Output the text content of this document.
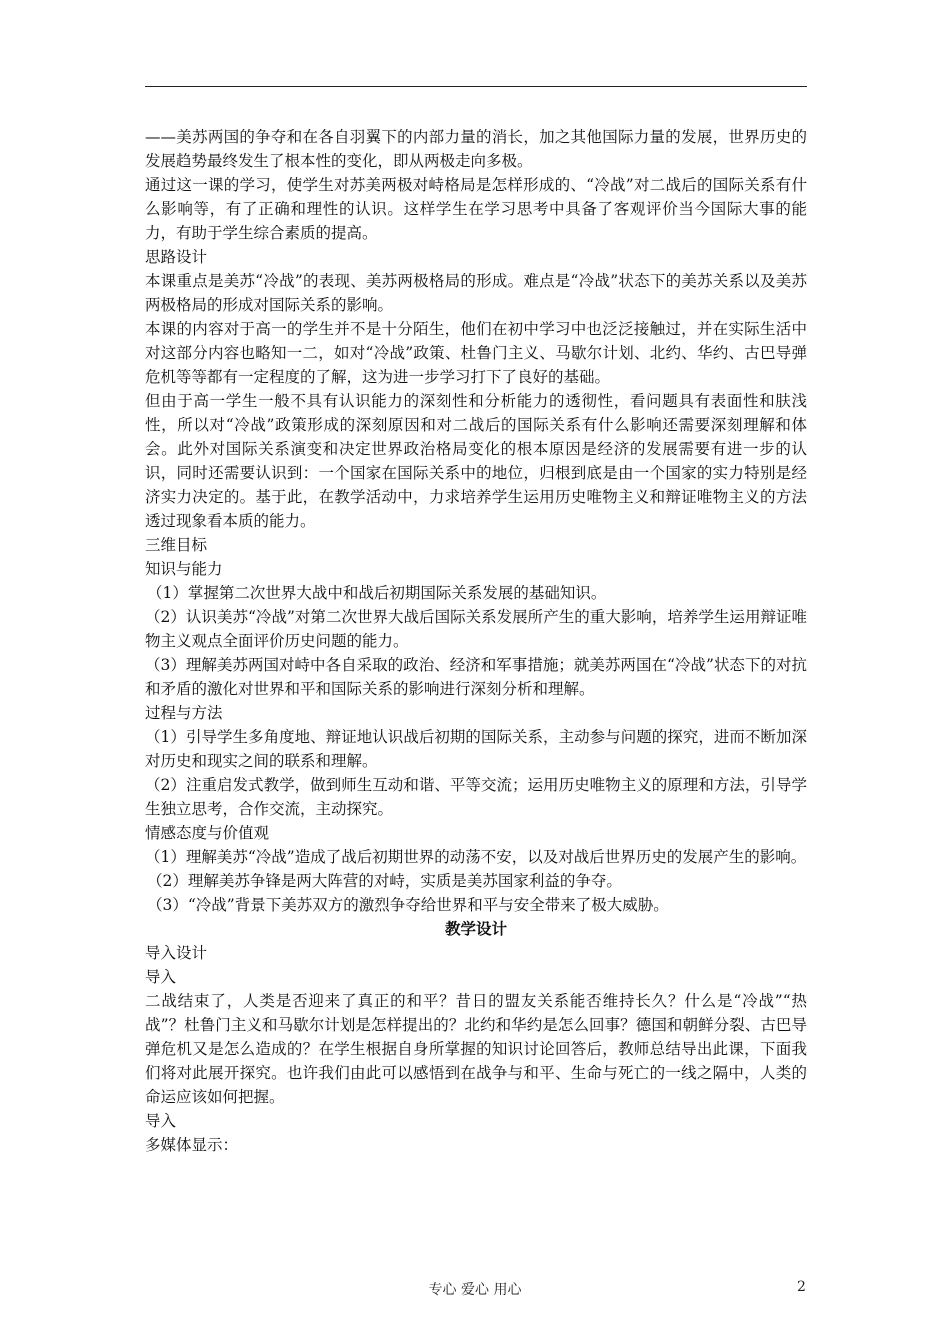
——美苏两国的争夺和在各自羽翼下的内部力量的消长，加之其他国际力量的发展，世界历史的发展趋势最终发生了根本性的变化，即从两极走向多极。

通过这一课的学习，使学生对苏美两极对峙格局是怎样形成的、“冷战”对二战后的国际关系有什么影响等，有了正确和理性的认识。这样学生在学习思考中具备了客观评价当今国际大事的能力，有助于学生综合素质的提高。

思路设计

本课重点是美苏“冷战”的表现、美苏两极格局的形成。难点是“冷战”状态下的美苏关系以及美苏两极格局的形成对国际关系的影响。

本课的内容对于高一的学生并不是十分陌生，他们在初中学习中也泛泛接触过，并在实际生活中对这部分内容也略知一二，如对“冷战”政策、杜鲁门主义、马歇尔计划、北约、华约、古巴导弹危机等等都有一定程度的了解，这为进一步学习打下了良好的基础。

但由于高一学生一般不具有认识能力的深刻性和分析能力的透彻性，看问题具有表面性和肤浅性，所以对“冷战”政策形成的深刻原因和对二战后的国际关系有什么影响还需要深刻理解和体会。此外对国际关系演变和决定世界政治格局变化的根本原因是经济的发展需要有进一步的认识，同时还需要认识到：一个国家在国际关系中的地位，归根到底是由一个国家的实力特别是经济实力决定的。基于此，在教学活动中，力求培养学生运用历史唯物主义和辩证唯物主义的方法透过现象看本质的能力。

三维目标

知识与能力

（1）掌握第二次世界大战中和战后初期国际关系发展的基础知识。

（2）认识美苏“冷战”对第二次世界大战后国际关系发展所产生的重大影响，培养学生运用辩证唯物主义观点全面评价历史问题的能力。

（3）理解美苏两国对峙中各自采取的政治、经济和军事措施；就美苏两国在“冷战”状态下的对抗和矛盾的激化对世界和平和国际关系的影响进行深刻分析和理解。

过程与方法

（1）引导学生多角度地、辩证地认识战后初期的国际关系，主动参与问题的探究，进而不断加深对历史和现实之间的联系和理解。

（2）注重启发式教学，做到师生互动和谐、平等交流；运用历史唯物主义的原理和方法，引导学生独立思考，合作交流，主动探究。

情感态度与价值观

（1）理解美苏“冷战”造成了战后初期世界的动荡不安，以及对战后世界历史的发展产生的影响。

（2）理解美苏争锋是两大阵营的对峙，实质是美苏国家利益的争夺。

（3）“冷战”背景下美苏双方的激烈争夺给世界和平与安全带来了极大威胁。

教学设计

导入设计

导入

二战结束了，人类是否迎来了真正的和平？昔日的盟友关系能否维持长久？什么是“冷战”“热战”？杜鲁门主义和马歇尔计划是怎样提出的？北约和华约是怎么回事？德国和朝鲜分裂、古巴导弹危机又是怎么造成的？在学生根据自身所掌握的知识讨论回答后，教师总结导出此课，下面我们将对此展开探究。也许我们由此可以感悟到在战争与和平、生命与死亡的一线之隔中，人类的命运应该如何把握。

导入

多媒体显示：

专心 爱心 用心	2
